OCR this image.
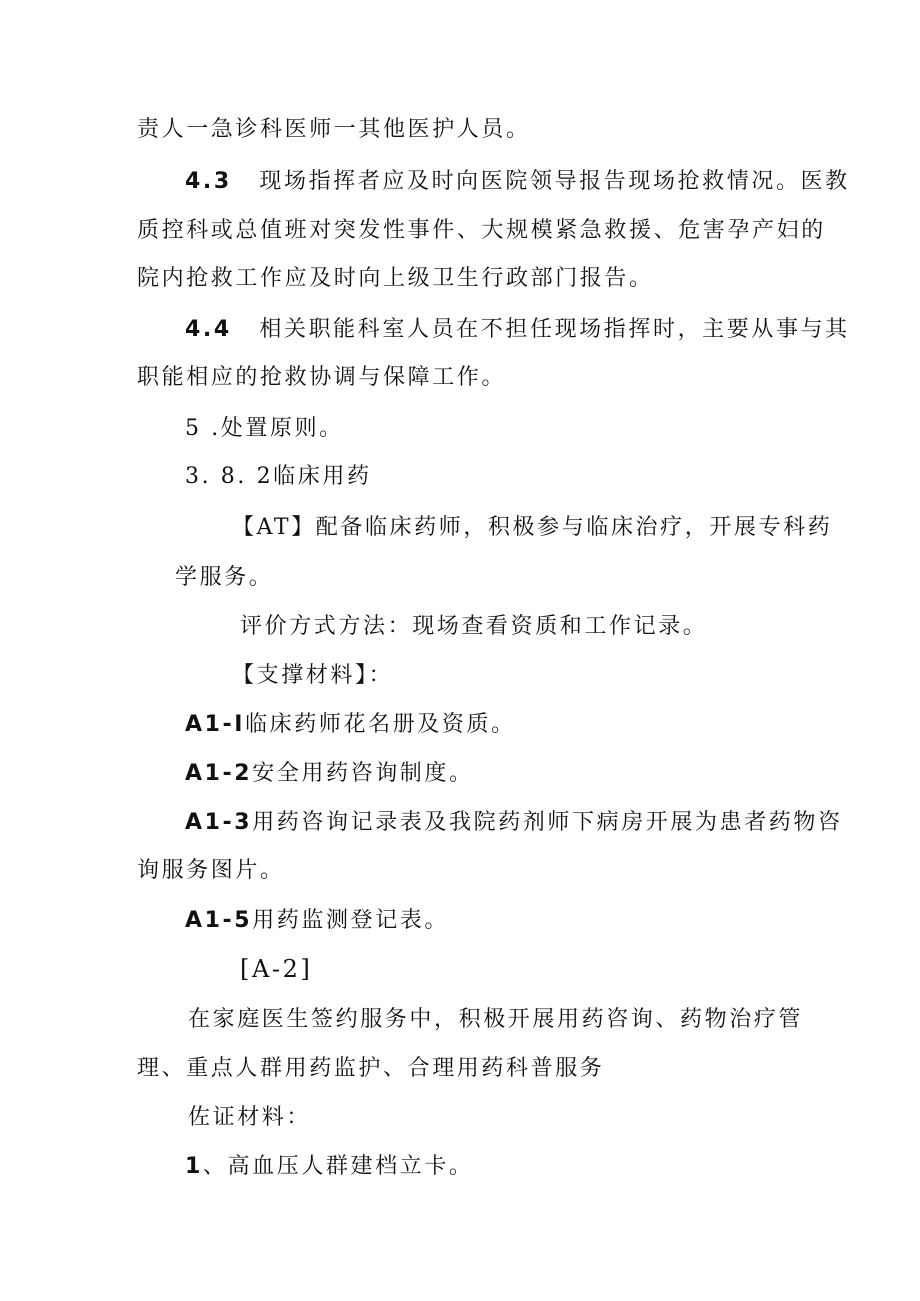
责人一急诊科医师一其他医护人员。
4.3 现场指挥者应及时向医院领导报告现场抢救情况。医教
质控科或总值班对突发性事件、大规模紧急救援、危害孕产妇的
院内抢救工作应及时向上级卫生行政部门报告。
4.4 相关职能科室人员在不担任现场指挥时，主要从事与其
职能相应的抢救协调与保障工作。
5 .处置原则。
3. 8. 2临床用药
【AT】配备临床药师，积极参与临床治疗，开展专科药
学服务。
评价方式方法：现场查看资质和工作记录。
【支撑材料】：
A1-I临床药师花名册及资质。
A1-2安全用药咨询制度。
A1-3用药咨询记录表及我院药剂师下病房开展为患者药物咨
询服务图片。
A1-5用药监测登记表。
[A-2]
在家庭医生签约服务中，积极开展用药咨询、药物治疗管
理、重点人群用药监护、合理用药科普服务
佐证材料：
1、高血压人群建档立卡。
